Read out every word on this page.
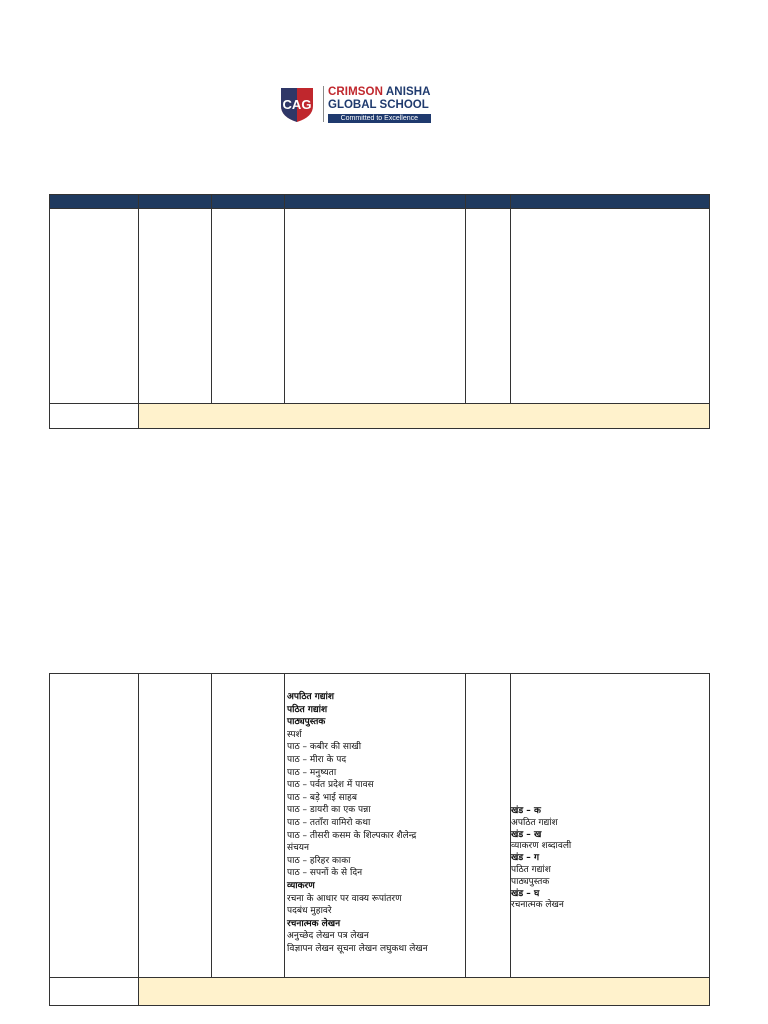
CAG
CRIMSON ANISHA
GLOBAL SCHOOL
Committed to Excellence
अपठित गद्यांश
पठित गद्यांश
पाठ्यपुस्तक
स्पर्श
पाठ – कबीर की साखी
पाठ – मीरा के पद
पाठ – मनुष्यता
पाठ – पर्वत प्रदेश में पावस
पाठ – बड़े भाई साहब
पाठ – डायरी का एक पन्ना
पाठ – तताँरा वामिरो कथा
पाठ – तीसरी कसम के शिल्पकार शैलेन्द्र
संचयन
पाठ – हरिहर काका
पाठ – सपनों के से दिन
व्याकरण
रचना के आधार पर वाक्य रूपांतरण
पदबंध मुहावरे
रचनात्मक लेखन
अनुच्छेद लेखन पत्र लेखन
विज्ञापन लेखन सूचना लेखन लघुकथा लेखन
खंड – क
अपठित गद्यांश
खंड – ख
व्याकरण शब्दावली
खंड – ग
पठित गद्यांश
पाठ्यपुस्तक
खंड – घ
रचनात्मक लेखन
